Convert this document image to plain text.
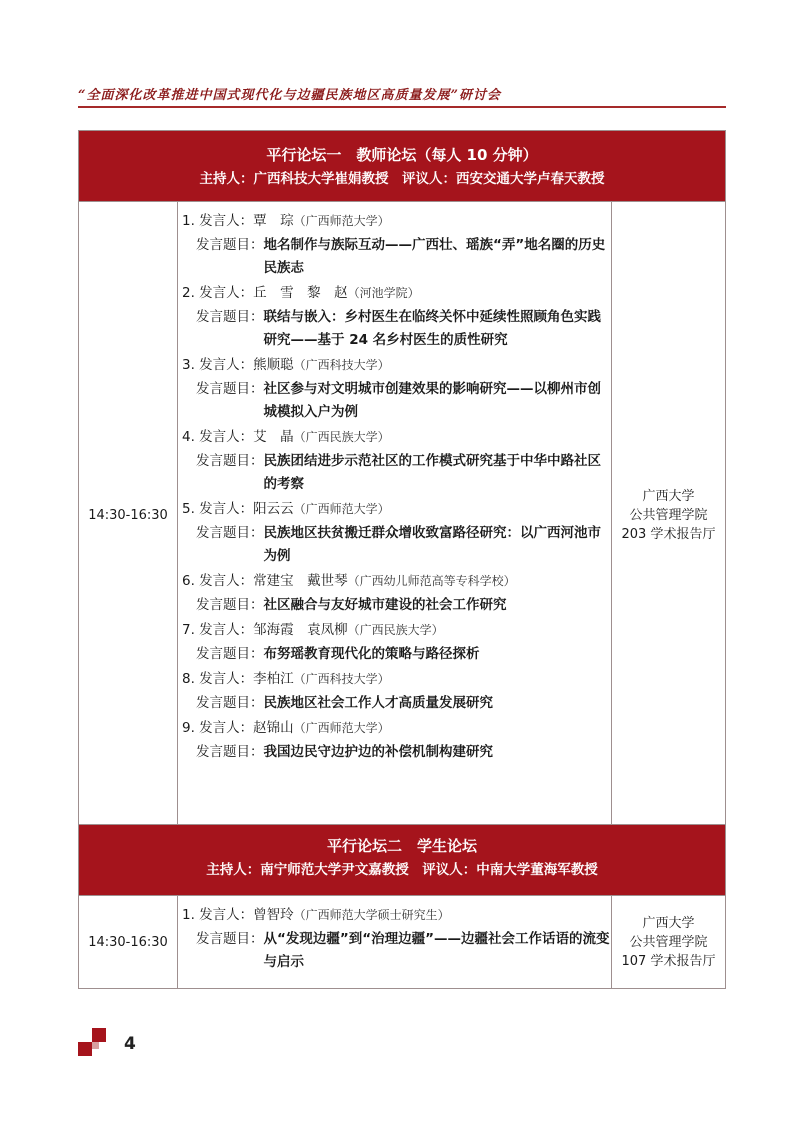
“全面深化改革推进中国式现代化与边疆民族地区高质量发展”研讨会
平行论坛一　教师论坛（每人 10 分钟）
主持人：广西科技大学崔娟教授　评议人：西安交通大学卢春天教授
14:30-16:30
1. 发言人：覃　琮（广西师范大学）
发言题目： 地名制作与族际互动——广西壮、瑶族“弄”地名圈的历史民族志
2. 发言人：丘　雪　黎　赵（河池学院）
发言题目： 联结与嵌入：乡村医生在临终关怀中延续性照顾角色实践研究——基于 24 名乡村医生的质性研究
3. 发言人：熊顺聪（广西科技大学）
发言题目： 社区参与对文明城市创建效果的影响研究——以柳州市创城模拟入户为例
4. 发言人：艾　晶（广西民族大学）
发言题目： 民族团结进步示范社区的工作模式研究基于中华中路社区的考察
5. 发言人：阳云云（广西师范大学）
发言题目： 民族地区扶贫搬迁群众增收致富路径研究：以广西河池市为例
6. 发言人：常建宝　戴世琴（广西幼儿师范高等专科学校）
发言题目： 社区融合与友好城市建设的社会工作研究
7. 发言人：邹海霞　袁凤柳（广西民族大学）
发言题目： 布努瑶教育现代化的策略与路径探析
8. 发言人：李柏江（广西科技大学）
发言题目： 民族地区社会工作人才高质量发展研究
9. 发言人：赵锦山（广西师范大学）
发言题目： 我国边民守边护边的补偿机制构建研究
广西大学
公共管理学院
203 学术报告厅
平行论坛二　学生论坛
主持人：南宁师范大学尹文嘉教授　评议人：中南大学董海军教授
14:30-16:30
1. 发言人：曾智玲（广西师范大学硕士研究生）
发言题目： 从“发现边疆”到“治理边疆”——边疆社会工作话语的流变与启示
广西大学
公共管理学院
107 学术报告厅
4
